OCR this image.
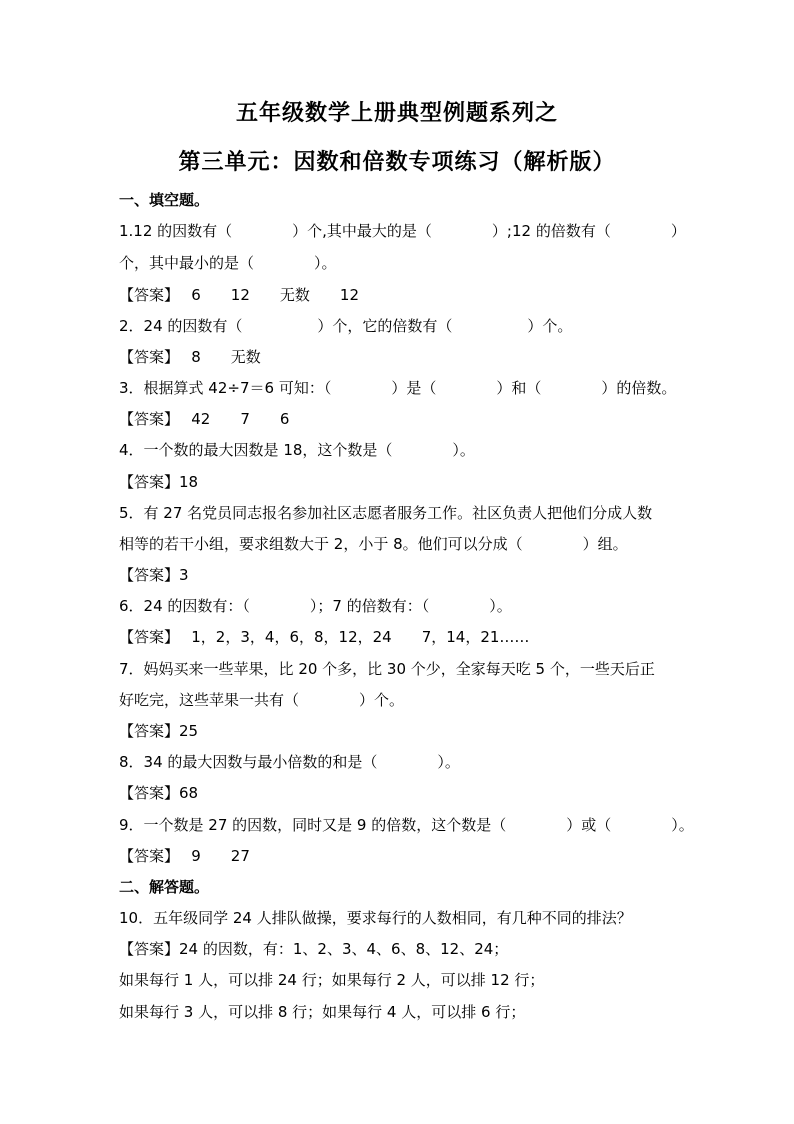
五年级数学上册典型例题系列之
第三单元：因数和倍数专项练习（解析版）
一、填空题。
1.12 的因数有（　　　　）个,其中最大的是（　　　　）;12 的倍数有（　　　　）
个，其中最小的是（　　　　）。
【答案】　 6　　12　　无数　　12
2．24 的因数有（　　　　　）个，它的倍数有（　　　　　）个。
【答案】　 8　　无数
3．根据算式 42÷7＝6 可知：（　　　　）是（　　　　）和（　　　　）的倍数。
【答案】　 42　　7　　6
4．一个数的最大因数是 18，这个数是（　　　　）。
【答案】18
5．有 27 名党员同志报名参加社区志愿者服务工作。社区负责人把他们分成人数
相等的若干小组，要求组数大于 2，小于 8。他们可以分成（　　　　）组。
【答案】3
6．24 的因数有：（　　　　）；7 的倍数有：（　　　　）。
【答案】　 1，2，3，4，6，8，12，24　　7，14，21……
7．妈妈买来一些苹果，比 20 个多，比 30 个少，全家每天吃 5 个，一些天后正
好吃完，这些苹果一共有（　　　　）个。
【答案】25
8．34 的最大因数与最小倍数的和是（　　　　）。
【答案】68
9．一个数是 27 的因数，同时又是 9 的倍数，这个数是（　　　　）或（　　　　）。
【答案】　 9　　27
二、解答题。
10．五年级同学 24 人排队做操，要求每行的人数相同，有几种不同的排法？
【答案】24 的因数，有：1、2、3、4、6、8、12、24；
如果每行 1 人，可以排 24 行；如果每行 2 人，可以排 12 行；
如果每行 3 人，可以排 8 行；如果每行 4 人，可以排 6 行；
